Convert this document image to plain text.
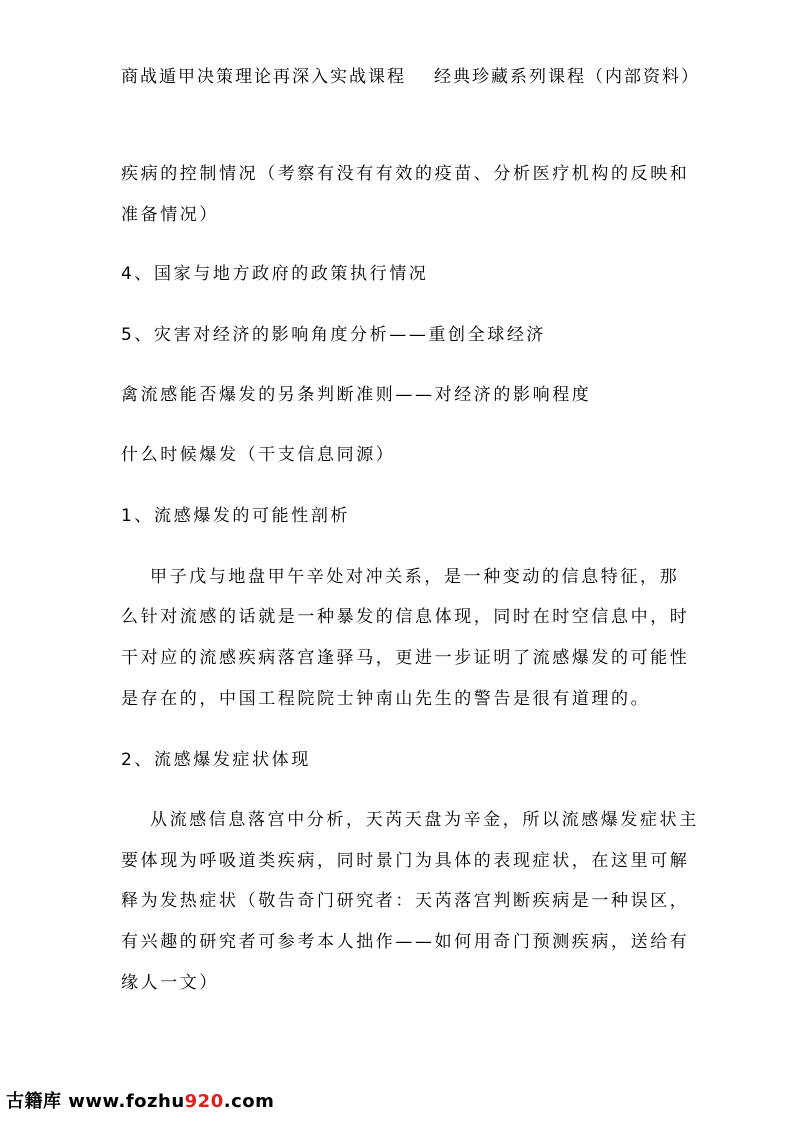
商战遁甲决策理论再深入实战课程 经典珍藏系列课程（内部资料）
疾病的控制情况（考察有没有有效的疫苗、分析医疗机构的反映和
准备情况）
4、国家与地方政府的政策执行情况
5、灾害对经济的影响角度分析——重创全球经济
禽流感能否爆发的另条判断准则——对经济的影响程度
什么时候爆发（干支信息同源）
1、流感爆发的可能性剖析
甲子戊与地盘甲午辛处对冲关系，是一种变动的信息特征，那
么针对流感的话就是一种暴发的信息体现，同时在时空信息中，时
干对应的流感疾病落宫逢驿马，更进一步证明了流感爆发的可能性
是存在的，中国工程院院士钟南山先生的警告是很有道理的。
2、流感爆发症状体现
从流感信息落宫中分析，天芮天盘为辛金，所以流感爆发症状主
要体现为呼吸道类疾病，同时景门为具体的表现症状，在这里可解
释为发热症状（敬告奇门研究者：天芮落宫判断疾病是一种误区，
有兴趣的研究者可参考本人拙作——如何用奇门预测疾病，送给有
缘人一文）
古籍库 www.fozhu920.com
